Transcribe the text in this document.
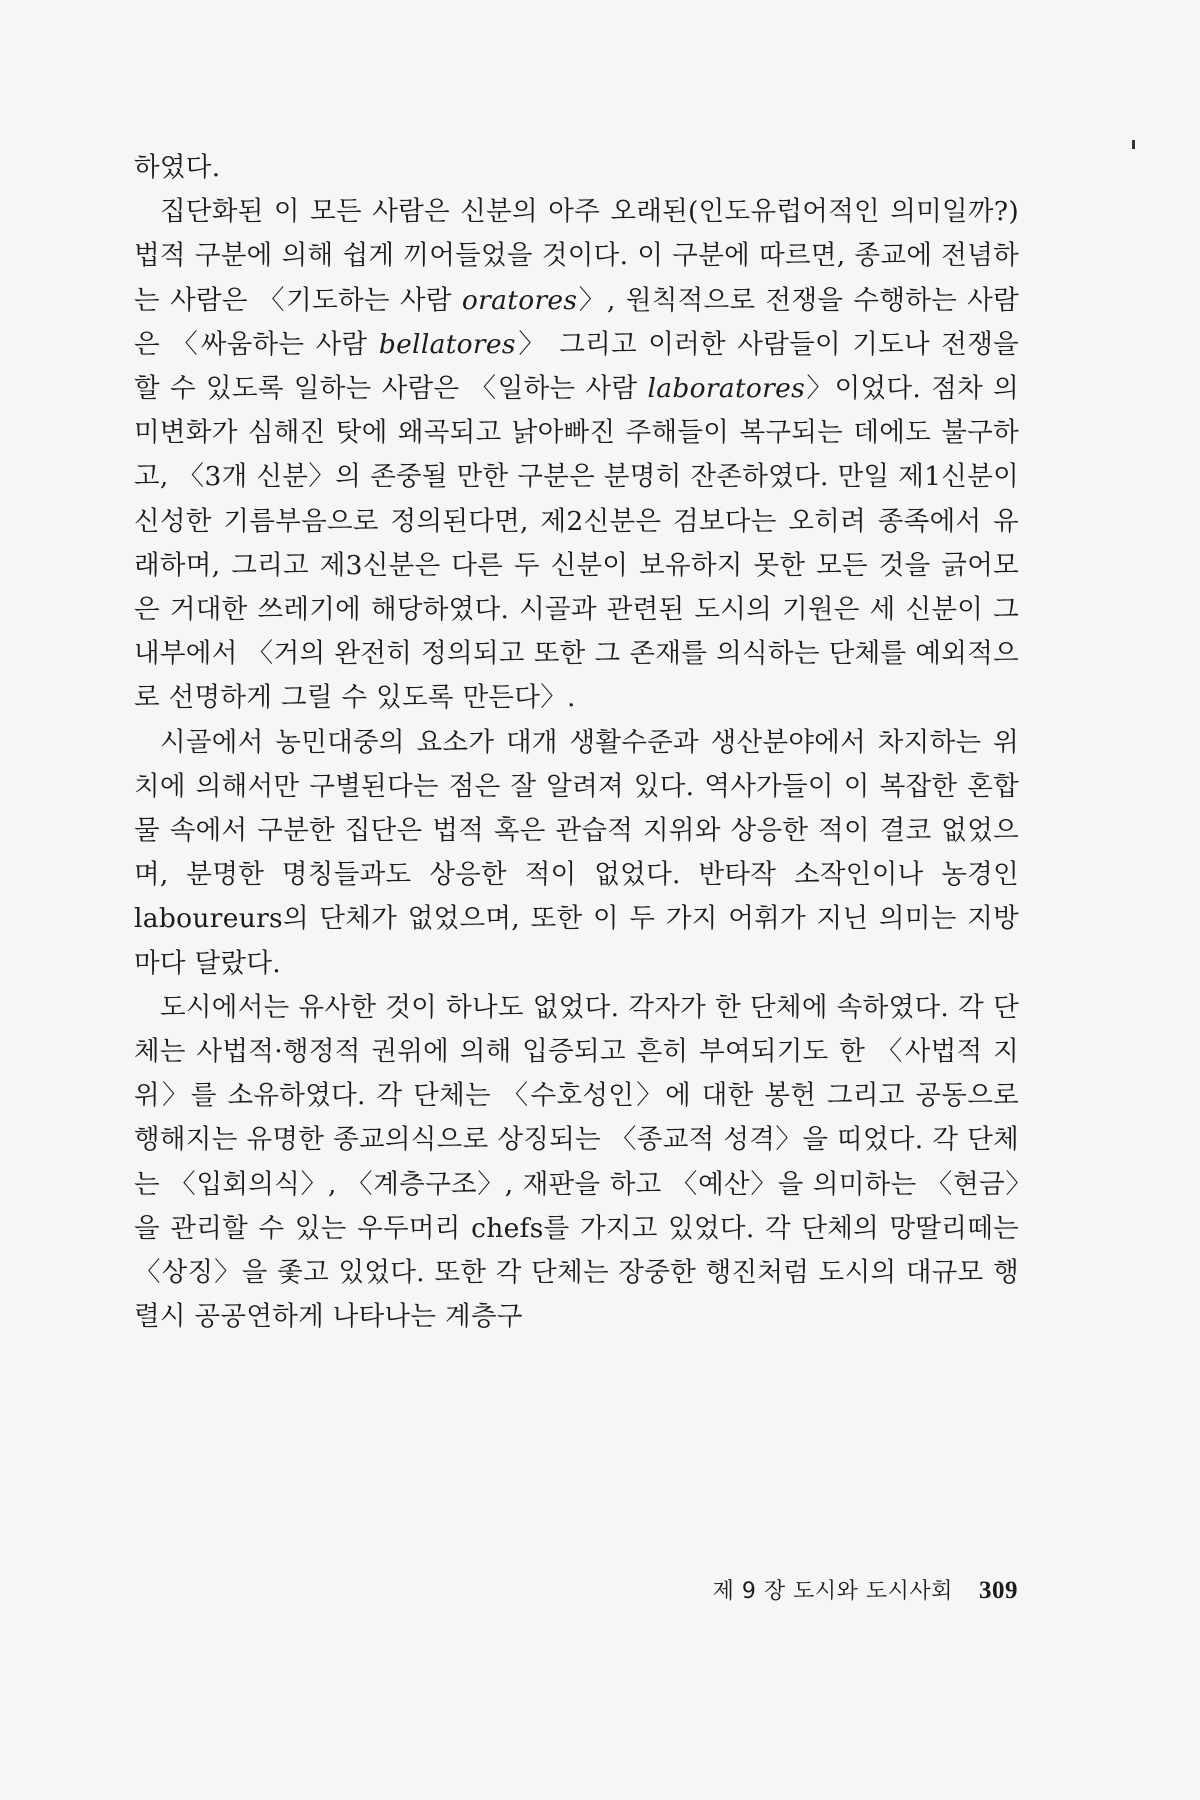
하였다.

집단화된 이 모든 사람은 신분의 아주 오래된(인도유럽어적인 의미일까?) 법적 구분에 의해 쉽게 끼어들었을 것이다. 이 구분에 따르면, 종교에 전념하는 사람은 〈기도하는 사람 oratores〉, 원칙적으로 전쟁을 수행하는 사람은 〈싸움하는 사람 bellatores〉 그리고 이러한 사람들이 기도나 전쟁을 할 수 있도록 일하는 사람은 〈일하는 사람 laboratores〉이었다. 점차 의미변화가 심해진 탓에 왜곡되고 낡아빠진 주해들이 복구되는 데에도 불구하고, 〈3개 신분〉의 존중될 만한 구분은 분명히 잔존하였다. 만일 제1신분이 신성한 기름부음으로 정의된다면, 제2신분은 검보다는 오히려 종족에서 유래하며, 그리고 제3신분은 다른 두 신분이 보유하지 못한 모든 것을 긁어모은 거대한 쓰레기에 해당하였다. 시골과 관련된 도시의 기원은 세 신분이 그 내부에서 〈거의 완전히 정의되고 또한 그 존재를 의식하는 단체를 예외적으로 선명하게 그릴 수 있도록 만든다〉.

시골에서 농민대중의 요소가 대개 생활수준과 생산분야에서 차지하는 위치에 의해서만 구별된다는 점은 잘 알려져 있다. 역사가들이 이 복잡한 혼합물 속에서 구분한 집단은 법적 혹은 관습적 지위와 상응한 적이 결코 없었으며, 분명한 명칭들과도 상응한 적이 없었다. 반타작 소작인이나 농경인 laboureurs의 단체가 없었으며, 또한 이 두 가지 어휘가 지닌 의미는 지방마다 달랐다.

도시에서는 유사한 것이 하나도 없었다. 각자가 한 단체에 속하였다. 각 단체는 사법적·행정적 권위에 의해 입증되고 흔히 부여되기도 한 〈사법적 지위〉를 소유하였다. 각 단체는 〈수호성인〉에 대한 봉헌 그리고 공동으로 행해지는 유명한 종교의식으로 상징되는 〈종교적 성격〉을 띠었다. 각 단체는 〈입회의식〉, 〈계층구조〉, 재판을 하고 〈예산〉을 의미하는 〈현금〉을 관리할 수 있는 우두머리 chefs를 가지고 있었다. 각 단체의 망딸리떼는 〈상징〉을 좇고 있었다. 또한 각 단체는 장중한 행진처럼 도시의 대규모 행렬시 공공연하게 나타나는 계층구

제 9 장 도시와 도시사회 309
